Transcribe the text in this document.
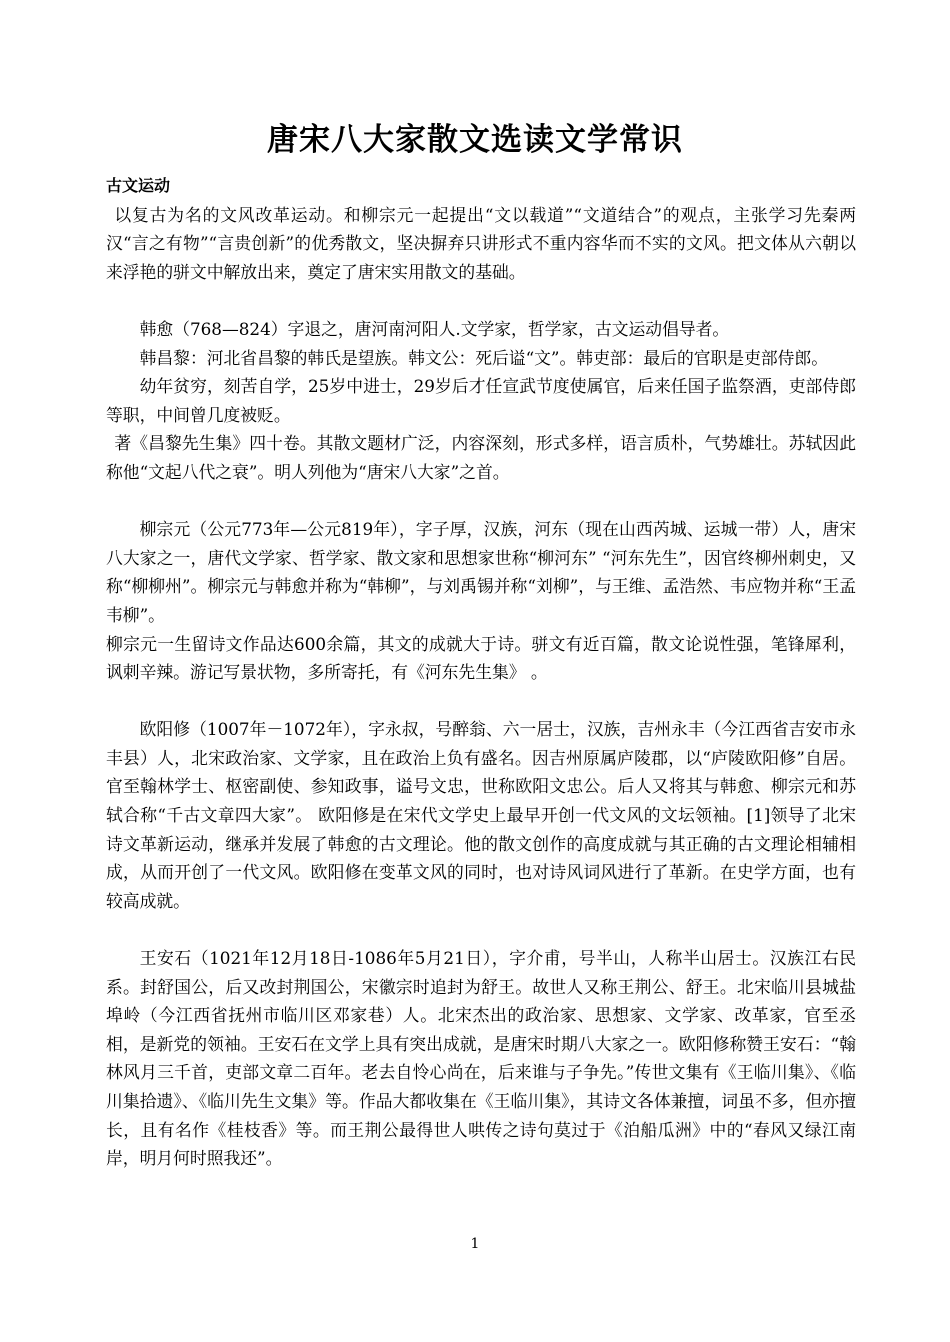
唐宋八大家散文选读文学常识

古文运动

以复古为名的文风改革运动。和柳宗元一起提出“文以载道”“文道结合”的观点，主张学习先秦两汉“言之有物”“言贵创新”的优秀散文，坚决摒弃只讲形式不重内容华而不实的文风。把文体从六朝以来浮艳的骈文中解放出来，奠定了唐宋实用散文的基础。

韩愈（768—824）字退之，唐河南河阳人.文学家，哲学家，古文运动倡导者。

韩昌黎：河北省昌黎的韩氏是望族。韩文公：死后谥“文”。韩吏部：最后的官职是吏部侍郎。

幼年贫穷，刻苦自学，25岁中进士，29岁后才任宣武节度使属官，后来任国子监祭酒，吏部侍郎等职，中间曾几度被贬。

著《昌黎先生集》四十卷。其散文题材广泛，内容深刻，形式多样，语言质朴，气势雄壮。苏轼因此称他“文起八代之衰”。明人列他为“唐宋八大家”之首。

柳宗元（公元773年—公元819年），字子厚，汉族，河东（现在山西芮城、运城一带）人，唐宋八大家之一，唐代文学家、哲学家、散文家和思想家世称“柳河东” “河东先生”，因官终柳州刺史，又称“柳柳州”。柳宗元与韩愈并称为“韩柳”，与刘禹锡并称“刘柳”，与王维、孟浩然、韦应物并称“王孟韦柳”。

柳宗元一生留诗文作品达600余篇，其文的成就大于诗。骈文有近百篇，散文论说性强，笔锋犀利，讽刺辛辣。游记写景状物，多所寄托，有《河东先生集》 。

欧阳修（1007年－1072年），字永叔，号醉翁、六一居士，汉族，吉州永丰（今江西省吉安市永丰县）人，北宋政治家、文学家，且在政治上负有盛名。因吉州原属庐陵郡，以“庐陵欧阳修”自居。官至翰林学士、枢密副使、参知政事，谥号文忠，世称欧阳文忠公。后人又将其与韩愈、柳宗元和苏轼合称“千古文章四大家”。 欧阳修是在宋代文学史上最早开创一代文风的文坛领袖。[1]领导了北宋诗文革新运动，继承并发展了韩愈的古文理论。他的散文创作的高度成就与其正确的古文理论相辅相成，从而开创了一代文风。欧阳修在变革文风的同时，也对诗风词风进行了革新。在史学方面，也有较高成就。

王安石（1021年12月18日-1086年5月21日），字介甫，号半山，人称半山居士。汉族江右民系。封舒国公，后又改封荆国公，宋徽宗时追封为舒王。故世人又称王荆公、舒王。北宋临川县城盐埠岭（今江西省抚州市临川区邓家巷）人。北宋杰出的政治家、思想家、文学家、改革家，官至丞相，是新党的领袖。王安石在文学上具有突出成就，是唐宋时期八大家之一。欧阳修称赞王安石：“翰林风月三千首，吏部文章二百年。老去自怜心尚在，后来谁与子争先。”传世文集有《王临川集》、《临川集拾遗》、《临川先生文集》等。作品大都收集在《王临川集》，其诗文各体兼擅，词虽不多，但亦擅长，且有名作《桂枝香》等。而王荆公最得世人哄传之诗句莫过于《泊船瓜洲》中的“春风又绿江南岸，明月何时照我还”。

1
